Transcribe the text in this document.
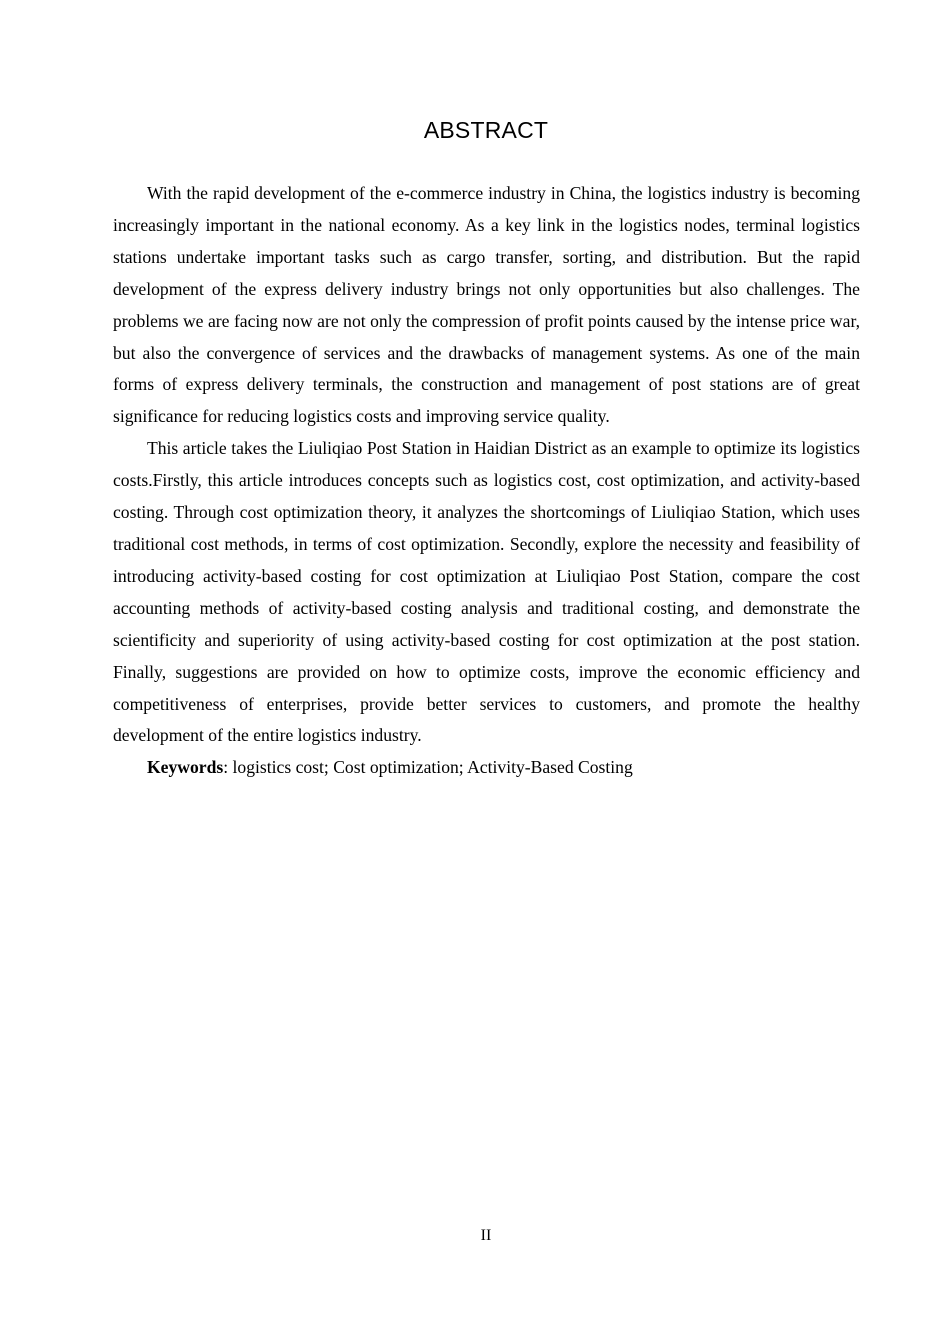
ABSTRACT

With the rapid development of the e-commerce industry in China, the logistics industry is becoming increasingly important in the national economy. As a key link in the logistics nodes, terminal logistics stations undertake important tasks such as cargo transfer, sorting, and distribution. But the rapid development of the express delivery industry brings not only opportunities but also challenges. The problems we are facing now are not only the compression of profit points caused by the intense price war, but also the convergence of services and the drawbacks of management systems. As one of the main forms of express delivery terminals, the construction and management of post stations are of great significance for reducing logistics costs and improving service quality.

This article takes the Liuliqiao Post Station in Haidian District as an example to optimize its logistics costs.Firstly, this article introduces concepts such as logistics cost, cost optimization, and activity-based costing. Through cost optimization theory, it analyzes the shortcomings of Liuliqiao Station, which uses traditional cost methods, in terms of cost optimization. Secondly, explore the necessity and feasibility of introducing activity-based costing for cost optimization at Liuliqiao Post Station, compare the cost accounting methods of activity-based costing analysis and traditional costing, and demonstrate the scientificity and superiority of using activity-based costing for cost optimization at the post station. Finally, suggestions are provided on how to optimize costs, improve the economic efficiency and competitiveness of enterprises, provide better services to customers, and promote the healthy development of the entire logistics industry.

Keywords: logistics cost; Cost optimization; Activity-Based Costing

II
